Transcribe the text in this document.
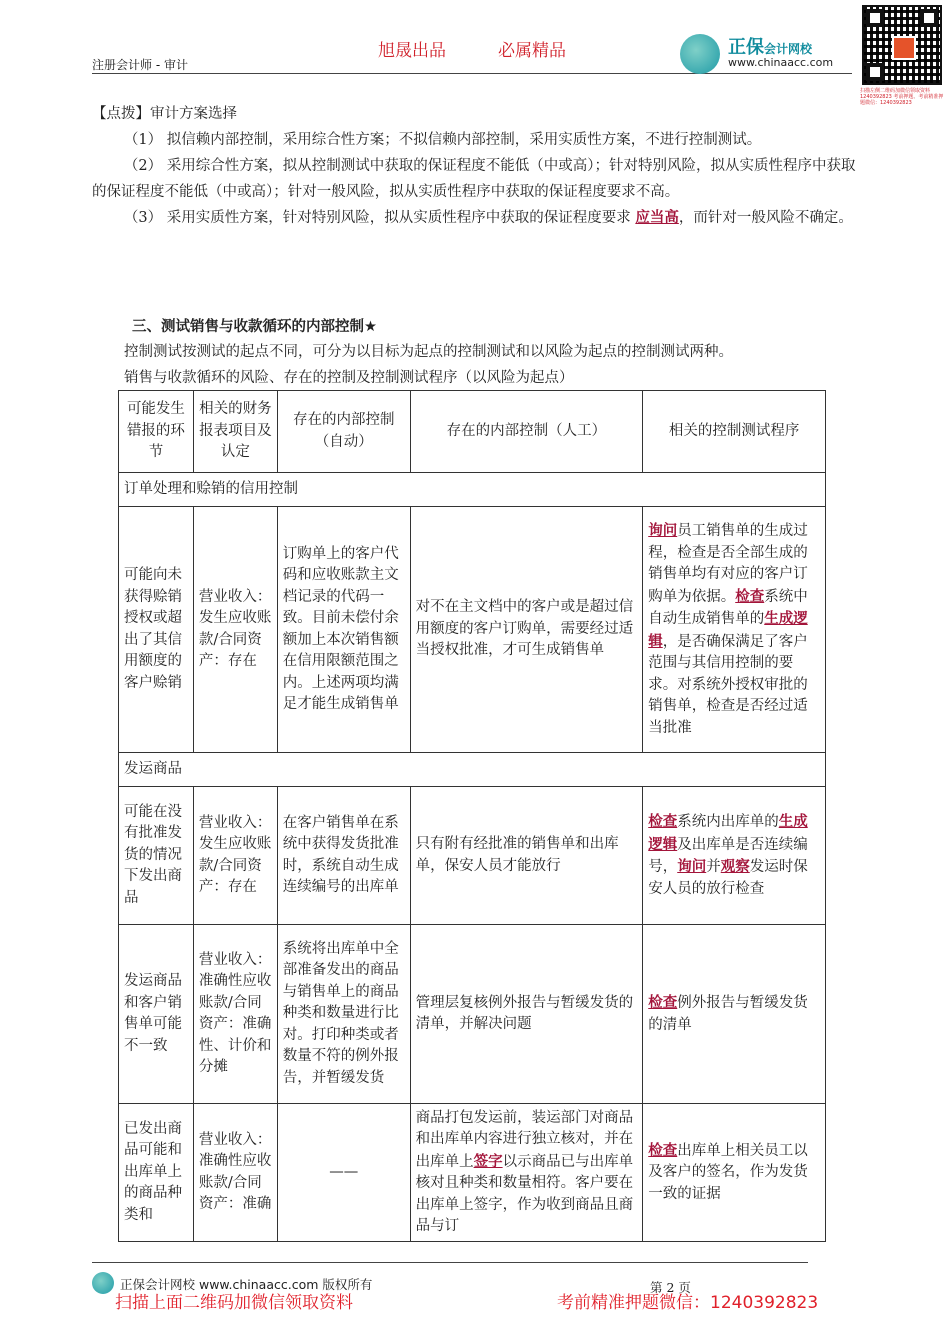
注册会计师 - 审计
旭晟出品	必属精品	正保会计网校
www.chinaacc.com
扫描左侧二维码加微信领取资料 1240392823 考前押题、考前精准押题微信：1240392823

【点拨】审计方案选择

（1） 拟信赖内部控制，采用综合性方案；不拟信赖内部控制，采用实质性方案，不进行控制测试。

（2） 采用综合性方案，拟从控制测试中获取的保证程度不能低（中或高）；针对特别风险，拟从实质性程序中获取的保证程度不能低（中或高）；针对一般风险，拟从实质性程序中获取的保证程度要求不高。

（3） 采用实质性方案，针对特别风险，拟从实质性程序中获取的保证程度要求 应当高，而针对一般风险不确定。

三、测试销售与收款循环的内部控制★
控制测试按测试的起点不同，可分为以目标为起点的控制测试和以风险为起点的控制测试两种。
销售与收款循环的风险、存在的控制及控制测试程序（以风险为起点）
可能发生错报的环节	相关的财务报表项目及认定	存在的内部控制（自动）	存在的内部控制（人工）	相关的控制测试程序
订单处理和赊销的信用控制				
可能向未获得赊销授权或超出了其信用额度的客户赊销	营业收入：发生应收账款/合同资产：存在	订购单上的客户代码和应收账款主文档记录的代码一致。目前未偿付余额加上本次销售额在信用限额范围之内。上述两项均满足才能生成销售单	对不在主文档中的客户或是超过信用额度的客户订购单，需要经过适当授权批准，才可生成销售单	询问员工销售单的生成过程，检查是否全部生成的销售单均有对应的客户订购单为依据。检查系统中自动生成销售单的生成逻辑，是否确保满足了客户范围与其信用控制的要求。对系统外授权审批的销售单，检查是否经过适当批准
发运商品				
可能在没有批准发货的情况下发出商品	营业收入：发生应收账款/合同资产：存在	在客户销售单在系统中获得发货批准时，系统自动生成连续编号的出库单	只有附有经批准的销售单和出库单，保安人员才能放行	检查系统内出库单的生成逻辑及出库单是否连续编号，询问并观察发运时保安人员的放行检查
发运商品和客户销售单可能不一致	营业收入：准确性应收账款/合同资产：准确性、计价和分摊	系统将出库单中全部准备发出的商品与销售单上的商品种类和数量进行比对。打印种类或者数量不符的例外报告，并暂缓发货	管理层复核例外报告与暂缓发货的清单，并解决问题	检查例外报告与暂缓发货的清单
已发出商品可能和出库单上的商品种类和	营业收入：准确性应收账款/合同资产：准确	——	商品打包发运前，装运部门对商品和出库单内容进行独立核对，并在出库单上签字以示商品已与出库单核对且种类和数量相符。客户要在出库单上签字，作为收到商品且商品与订	检查出库单上相关员工以及客户的签名，作为发货一致的证据
正保会计网校 www.chinaacc.com 版权所有	第 2 页
扫描上面二维码加微信领取资料	考前精准押题微信：1240392823
